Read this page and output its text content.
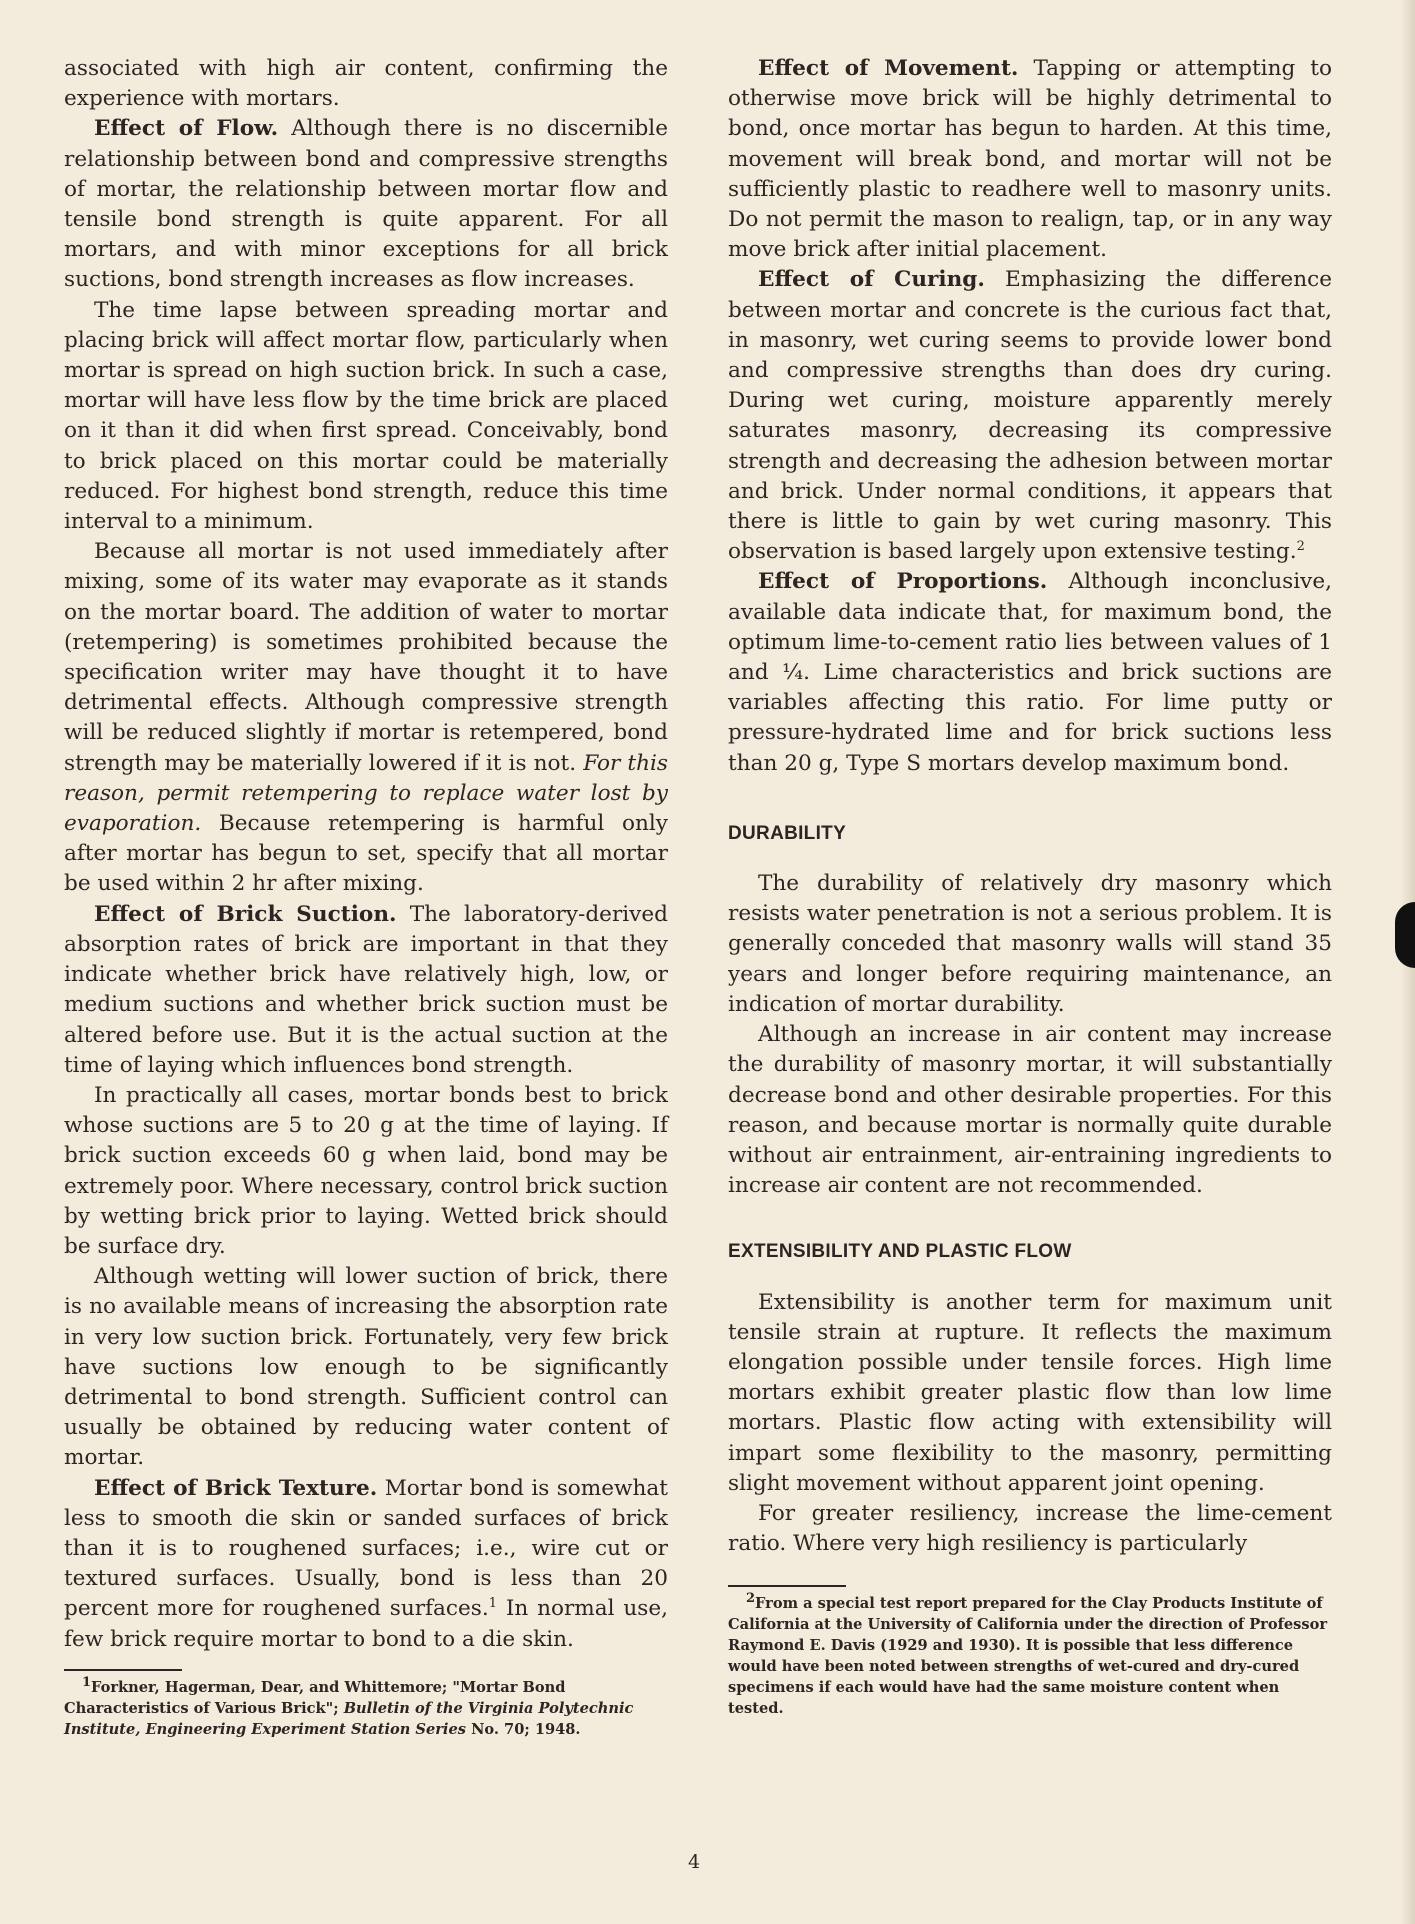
associated with high air content, confirming the experience with mortars.

Effect of Flow. Although there is no discernible relationship between bond and compressive strengths of mortar, the relationship between mortar flow and tensile bond strength is quite apparent. For all mortars, and with minor exceptions for all brick suctions, bond strength increases as flow increases.

The time lapse between spreading mortar and placing brick will affect mortar flow, particularly when mortar is spread on high suction brick. In such a case, mortar will have less flow by the time brick are placed on it than it did when first spread. Conceivably, bond to brick placed on this mortar could be materially reduced. For highest bond strength, reduce this time interval to a minimum.

Because all mortar is not used immediately after mixing, some of its water may evaporate as it stands on the mortar board. The addition of water to mortar (retempering) is sometimes prohibited because the specification writer may have thought it to have detrimental effects. Although compressive strength will be reduced slightly if mortar is retempered, bond strength may be materially lowered if it is not. For this reason, permit retempering to replace water lost by evaporation. Because retempering is harmful only after mortar has begun to set, specify that all mortar be used within 2 hr after mixing.

Effect of Brick Suction. The laboratory-derived absorption rates of brick are important in that they indicate whether brick have relatively high, low, or medium suctions and whether brick suction must be altered before use. But it is the actual suction at the time of laying which influences bond strength.

In practically all cases, mortar bonds best to brick whose suctions are 5 to 20 g at the time of laying. If brick suction exceeds 60 g when laid, bond may be extremely poor. Where necessary, control brick suction by wetting brick prior to laying. Wetted brick should be surface dry.

Although wetting will lower suction of brick, there is no available means of increasing the absorption rate in very low suction brick. Fortunately, very few brick have suctions low enough to be significantly detrimental to bond strength. Sufficient control can usually be obtained by reducing water content of mortar.

Effect of Brick Texture. Mortar bond is somewhat less to smooth die skin or sanded surfaces of brick than it is to roughened surfaces; i.e., wire cut or textured surfaces. Usually, bond is less than 20 percent more for roughened surfaces.$^1$ In normal use, few brick require mortar to bond to a die skin.

$^1$Forkner, Hagerman, Dear, and Whittemore; "Mortar Bond Characteristics of Various Brick"; Bulletin of the Virginia Polytechnic Institute, Engineering Experiment Station Series No. 70; 1948.

Effect of Movement. Tapping or attempting to otherwise move brick will be highly detrimental to bond, once mortar has begun to harden. At this time, movement will break bond, and mortar will not be sufficiently plastic to readhere well to masonry units. Do not permit the mason to realign, tap, or in any way move brick after initial placement.

Effect of Curing. Emphasizing the difference between mortar and concrete is the curious fact that, in masonry, wet curing seems to provide lower bond and compressive strengths than does dry curing. During wet curing, moisture apparently merely saturates masonry, decreasing its compressive strength and decreasing the adhesion between mortar and brick. Under normal conditions, it appears that there is little to gain by wet curing masonry. This observation is based largely upon extensive testing.$^2$

Effect of Proportions. Although inconclusive, available data indicate that, for maximum bond, the optimum lime-to-cement ratio lies between values of 1 and ¼. Lime characteristics and brick suctions are variables affecting this ratio. For lime putty or pressure-hydrated lime and for brick suctions less than 20 g, Type S mortars develop maximum bond.

DURABILITY

The durability of relatively dry masonry which resists water penetration is not a serious problem. It is generally conceded that masonry walls will stand 35 years and longer before requiring maintenance, an indication of mortar durability.

Although an increase in air content may increase the durability of masonry mortar, it will substantially decrease bond and other desirable properties. For this reason, and because mortar is normally quite durable without air entrainment, air-entraining ingredients to increase air content are not recommended.

EXTENSIBILITY AND PLASTIC FLOW

Extensibility is another term for maximum unit tensile strain at rupture. It reflects the maximum elongation possible under tensile forces. High lime mortars exhibit greater plastic flow than low lime mortars. Plastic flow acting with extensibility will impart some flexibility to the masonry, permitting slight movement without apparent joint opening.

For greater resiliency, increase the lime-cement ratio. Where very high resiliency is particularly

$^2$From a special test report prepared for the Clay Products Institute of California at the University of California under the direction of Professor Raymond E. Davis (1929 and 1930). It is possible that less difference would have been noted between strengths of wet-cured and dry-cured specimens if each would have had the same moisture content when tested.

4
